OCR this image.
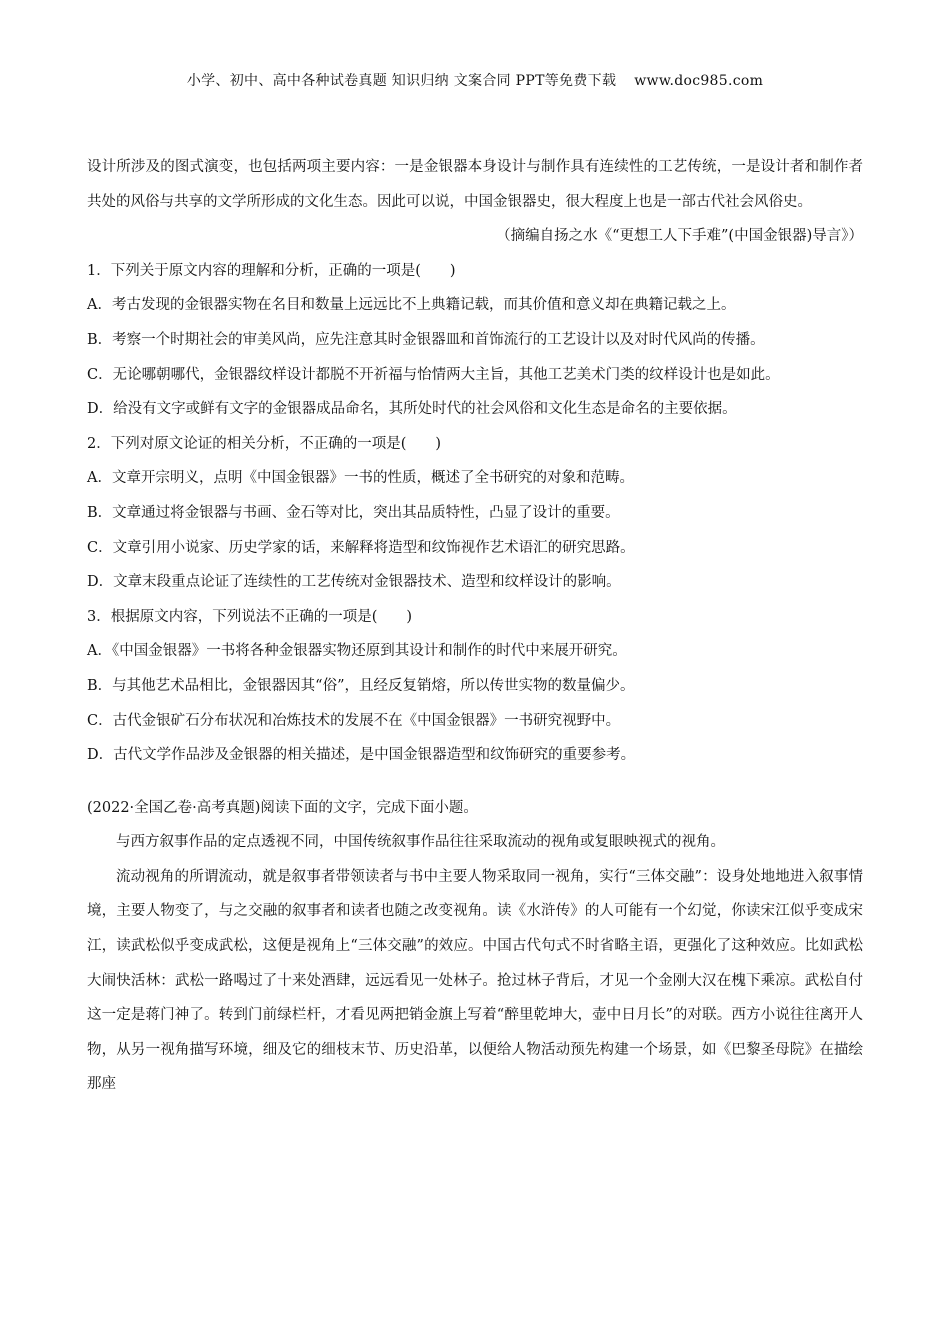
小学、初中、高中各种试卷真题 知识归纳 文案合同 PPT等免费下载 www.doc985.com

设计所涉及的图式演变，也包括两项主要内容：一是金银器本身设计与制作具有连续性的工艺传统，一是设计者和制作者共处的风俗与共享的文学所形成的文化生态。因此可以说，中国金银器史，很大程度上也是一部古代社会风俗史。

（摘编自扬之水《“更想工人下手难”(中国金银器)导言》）

1．下列关于原文内容的理解和分析，正确的一项是(　　)

A．考古发现的金银器实物在名目和数量上远远比不上典籍记载，而其价值和意义却在典籍记载之上。

B．考察一个时期社会的审美风尚，应先注意其时金银器皿和首饰流行的工艺设计以及对时代风尚的传播。

C．无论哪朝哪代，金银器纹样设计都脱不开祈福与怡情两大主旨，其他工艺美术门类的纹样设计也是如此。

D．给没有文字或鲜有文字的金银器成品命名，其所处时代的社会风俗和文化生态是命名的主要依据。

2．下列对原文论证的相关分析，不正确的一项是(　　)

A．文章开宗明义，点明《中国金银器》一书的性质，概述了全书研究的对象和范畴。

B．文章通过将金银器与书画、金石等对比，突出其品质特性，凸显了设计的重要。

C．文章引用小说家、历史学家的话，来解释将造型和纹饰视作艺术语汇的研究思路。

D．文章末段重点论证了连续性的工艺传统对金银器技术、造型和纹样设计的影响。

3．根据原文内容，下列说法不正确的一项是(　　)

A．《中国金银器》一书将各种金银器实物还原到其设计和制作的时代中来展开研究。

B．与其他艺术品相比，金银器因其“俗”，且经反复销熔，所以传世实物的数量偏少。

C．古代金银矿石分布状况和冶炼技术的发展不在《中国金银器》一书研究视野中。

D．古代文学作品涉及金银器的相关描述，是中国金银器造型和纹饰研究的重要参考。

(2022·全国乙卷·高考真题)阅读下面的文字，完成下面小题。

与西方叙事作品的定点透视不同，中国传统叙事作品往往采取流动的视角或复眼映视式的视角。

流动视角的所谓流动，就是叙事者带领读者与书中主要人物采取同一视角，实行“三体交融”：设身处地地进入叙事情境，主要人物变了，与之交融的叙事者和读者也随之改变视角。读《水浒传》的人可能有一个幻觉，你读宋江似乎变成宋江，读武松似乎变成武松，这便是视角上“三体交融”的效应。中国古代句式不时省略主语，更强化了这种效应。比如武松大闹快活林：武松一路喝过了十来处酒肆，远远看见一处林子。抢过林子背后，才见一个金刚大汉在槐下乘凉。武松自付这一定是蒋门神了。转到门前绿栏杆，才看见两把销金旗上写着“醉里乾坤大，壶中日月长”的对联。西方小说往往离开人物，从另一视角描写环境，细及它的细枝末节、历史沿革，以便给人物活动预先构建一个场景，如《巴黎圣母院》在描绘那座
